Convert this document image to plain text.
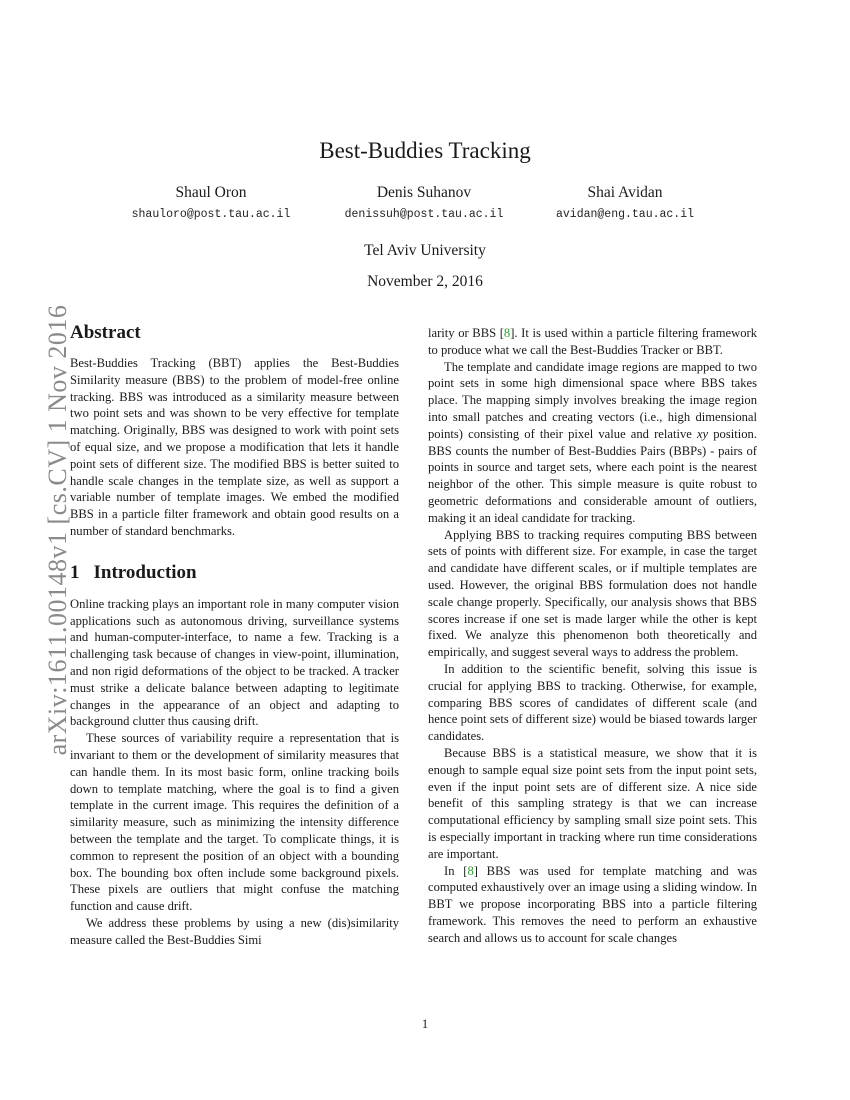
arXiv:1611.00148v1 [cs.CV] 1 Nov 2016
Best-Buddies Tracking
Shaul Oron
shauloro@post.tau.ac.il
Denis Suhanov
denissuh@post.tau.ac.il
Shai Avidan
avidan@eng.tau.ac.il
Tel Aviv University
November 2, 2016
Abstract

Best-Buddies Tracking (BBT) applies the Best-Buddies Similarity measure (BBS) to the problem of model-free online tracking. BBS was introduced as a similarity measure between two point sets and was shown to be very effective for template matching. Originally, BBS was designed to work with point sets of equal size, and we propose a modification that lets it handle point sets of different size. The modified BBS is better suited to handle scale changes in the template size, as well as support a variable number of template images. We embed the modified BBS in a particle filter framework and obtain good results on a number of standard benchmarks.

1 Introduction

Online tracking plays an important role in many computer vision applications such as autonomous driving, surveillance systems and human-computer-interface, to name a few. Tracking is a challenging task because of changes in view-point, illumination, and non rigid deformations of the object to be tracked. A tracker must strike a delicate balance between adapting to legitimate changes in the appearance of an object and adapting to background clutter thus causing drift.

These sources of variability require a representation that is invariant to them or the development of similarity measures that can handle them. In its most basic form, online tracking boils down to template matching, where the goal is to find a given template in the current image. This requires the definition of a similarity measure, such as minimizing the intensity difference between the template and the target. To complicate things, it is common to represent the position of an object with a bounding box. The bounding box often include some background pixels. These pixels are outliers that might confuse the matching function and cause drift.

We address these problems by using a new (dis)similarity measure called the Best-Buddies Simi

larity or BBS [8]. It is used within a particle filtering framework to produce what we call the Best-Buddies Tracker or BBT.

The template and candidate image regions are mapped to two point sets in some high dimensional space where BBS takes place. The mapping simply involves breaking the image region into small patches and creating vectors (i.e., high dimensional points) consisting of their pixel value and relative xy position. BBS counts the number of Best-Buddies Pairs (BBPs) - pairs of points in source and target sets, where each point is the nearest neighbor of the other. This simple measure is quite robust to geometric deformations and considerable amount of outliers, making it an ideal candidate for tracking.

Applying BBS to tracking requires computing BBS between sets of points with different size. For example, in case the target and candidate have different scales, or if multiple templates are used. However, the original BBS formulation does not handle scale change properly. Specifically, our analysis shows that BBS scores increase if one set is made larger while the other is kept fixed. We analyze this phenomenon both theoretically and empirically, and suggest several ways to address the problem.

In addition to the scientific benefit, solving this issue is crucial for applying BBS to tracking. Otherwise, for example, comparing BBS scores of candidates of different scale (and hence point sets of different size) would be biased towards larger candidates.

Because BBS is a statistical measure, we show that it is enough to sample equal size point sets from the input point sets, even if the input point sets are of different size. A nice side benefit of this sampling strategy is that we can increase computational efficiency by sampling small size point sets. This is especially important in tracking where run time considerations are important.

In [8] BBS was used for template matching and was computed exhaustively over an image using a sliding window. In BBT we propose incorporating BBS into a particle filtering framework. This removes the need to perform an exhaustive search and allows us to account for scale changes

1
